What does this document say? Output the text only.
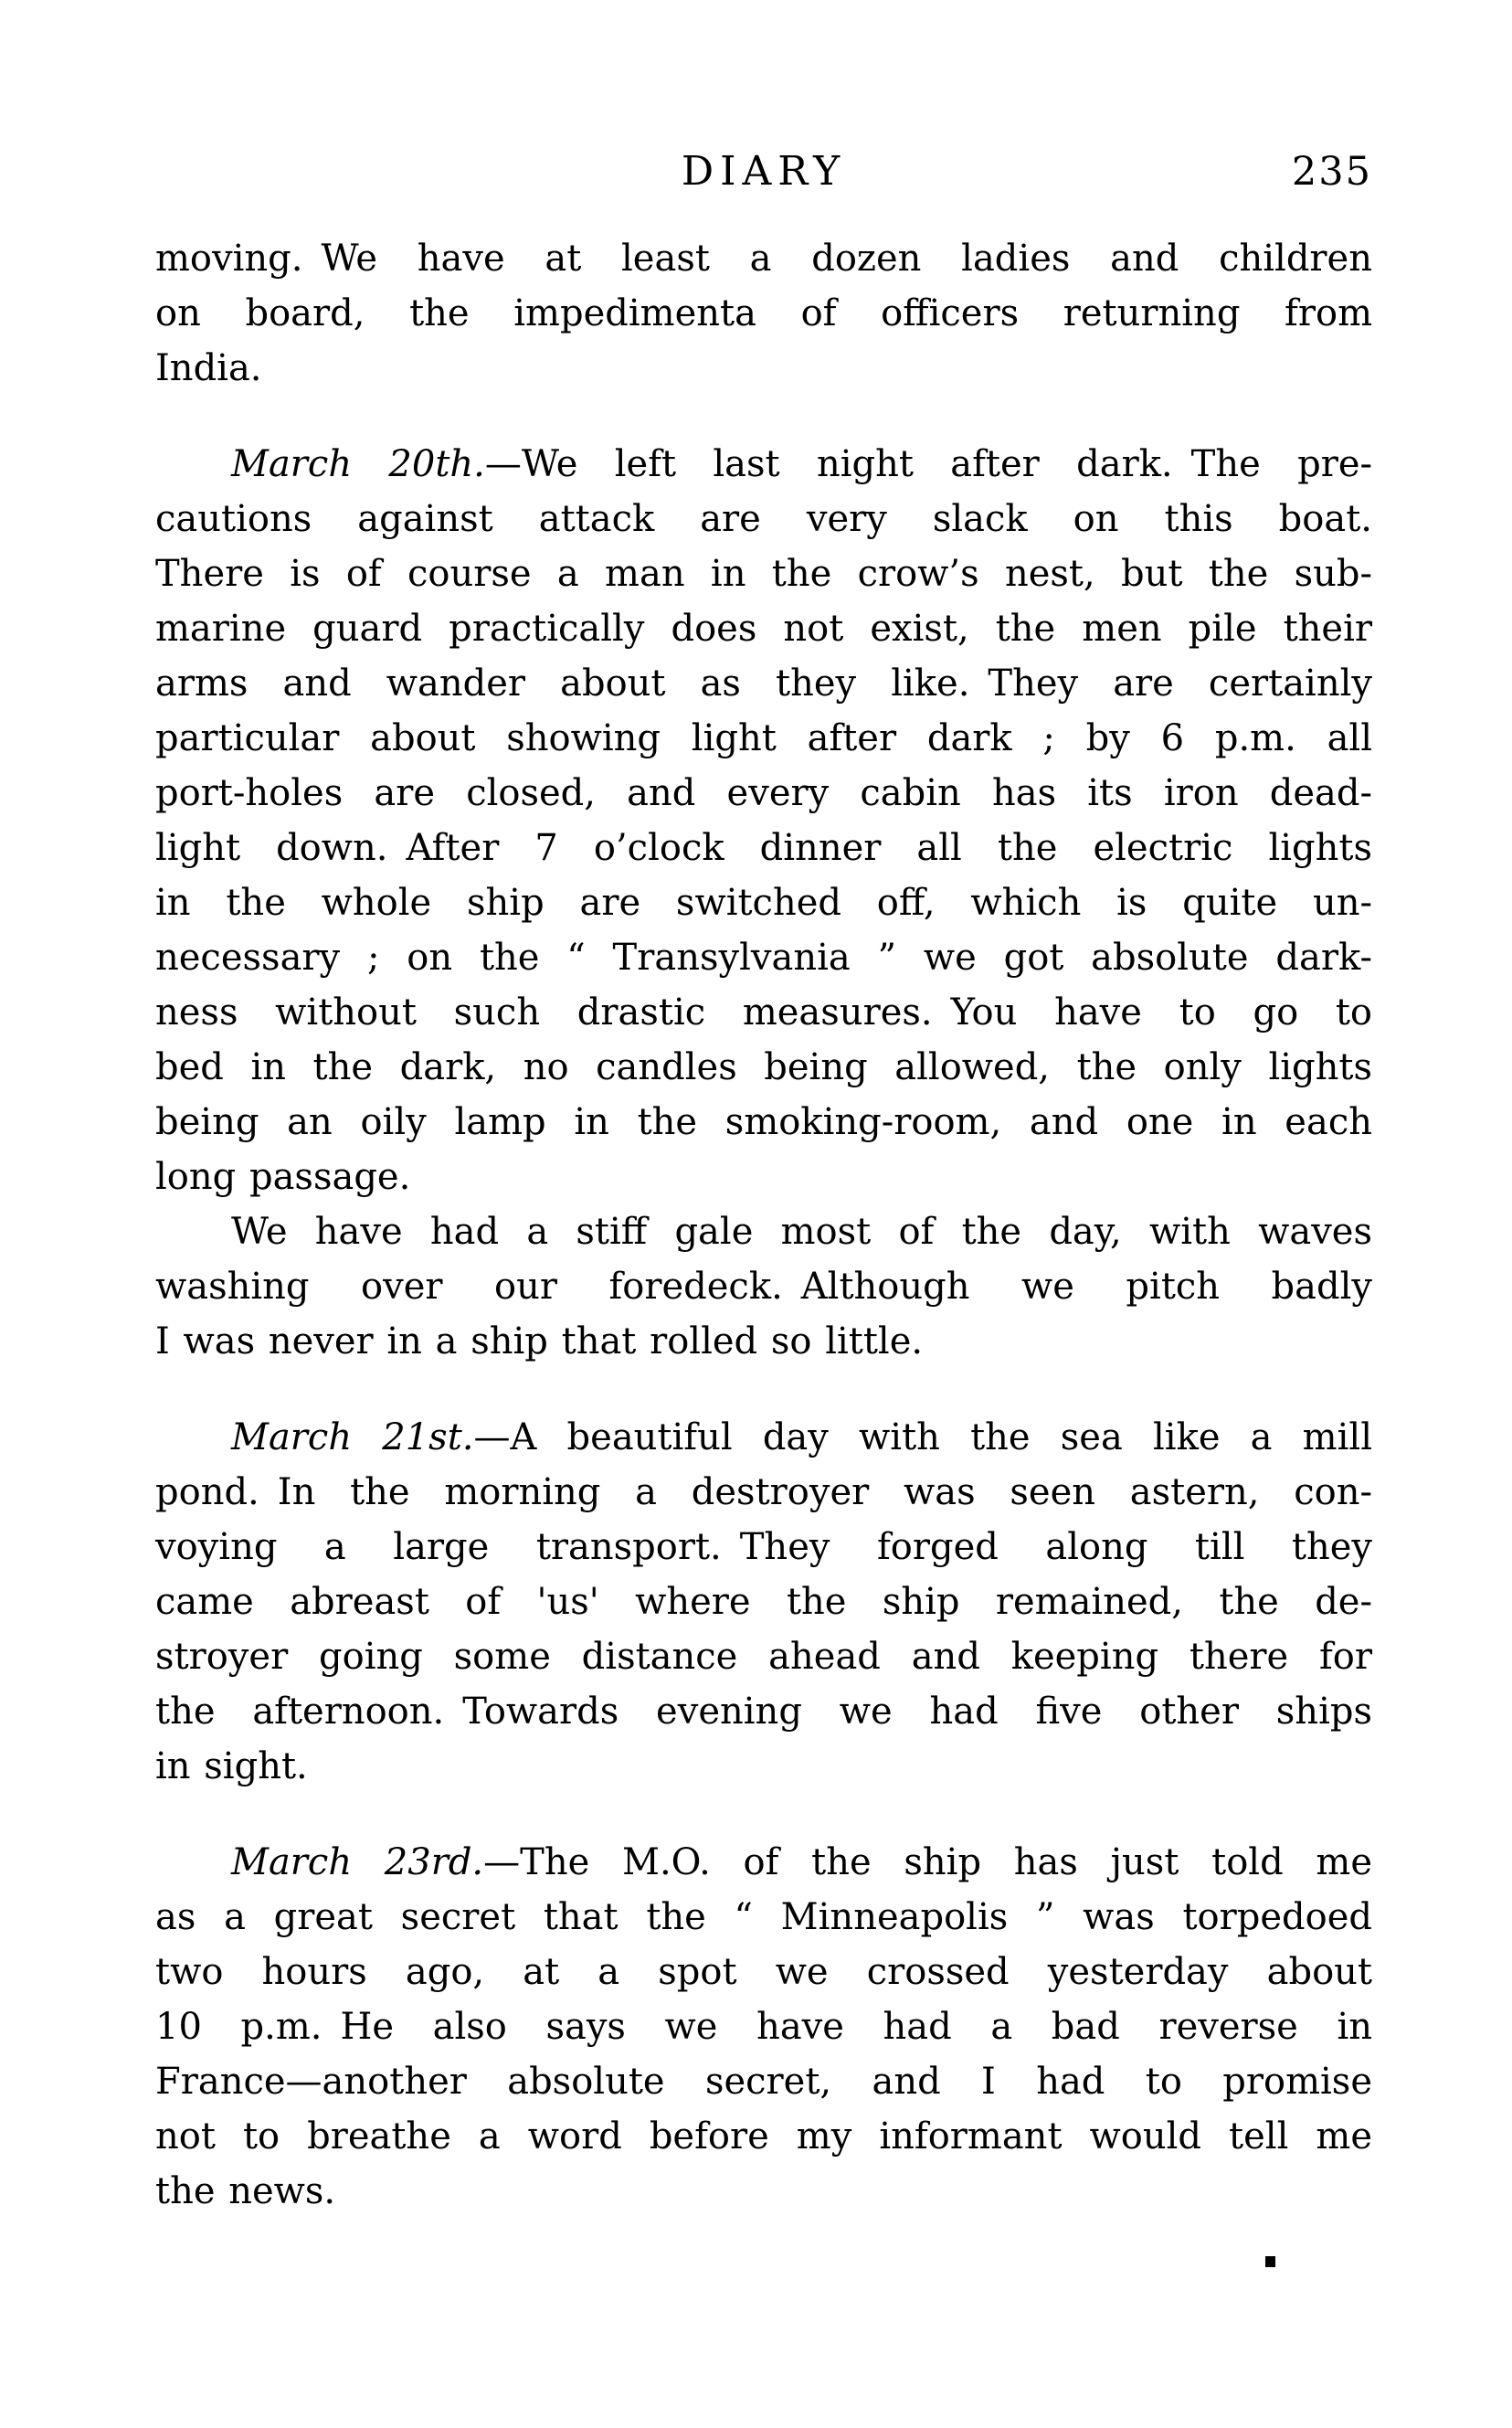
DIARY	235
moving. We have at least a dozen ladies and children
on board, the impedimenta of officers returning from
India.
March 20th.—We left last night after dark. The pre-
cautions against attack are very slack on this boat.
There is of course a man in the crow’s nest, but the sub-
marine guard practically does not exist, the men pile their
arms and wander about as they like. They are certainly
particular about showing light after dark ; by 6 p.m. all
port-holes are closed, and every cabin has its iron dead-
light down. After 7 o’clock dinner all the electric lights
in the whole ship are switched off, which is quite un-
necessary ; on the “ Transylvania ” we got absolute dark-
ness without such drastic measures. You have to go to
bed in the dark, no candles being allowed, the only lights
being an oily lamp in the smoking-room, and one in each
long passage.
We have had a stiff gale most of the day, with waves
washing over our foredeck. Although we pitch badly
I was never in a ship that rolled so little.
March 21st.—A beautiful day with the sea like a mill
pond. In the morning a destroyer was seen astern, con-
voying a large transport. They forged along till they
came abreast of 'us' where the ship remained, the de-
stroyer going some distance ahead and keeping there for
the afternoon. Towards evening we had five other ships
in sight.
March 23rd.—The M.O. of the ship has just told me
as a great secret that the “ Minneapolis ” was torpedoed
two hours ago, at a spot we crossed yesterday about
10 p.m. He also says we have had a bad reverse in
France—another absolute secret, and I had to promise
not to breathe a word before my informant would tell me
the news.
